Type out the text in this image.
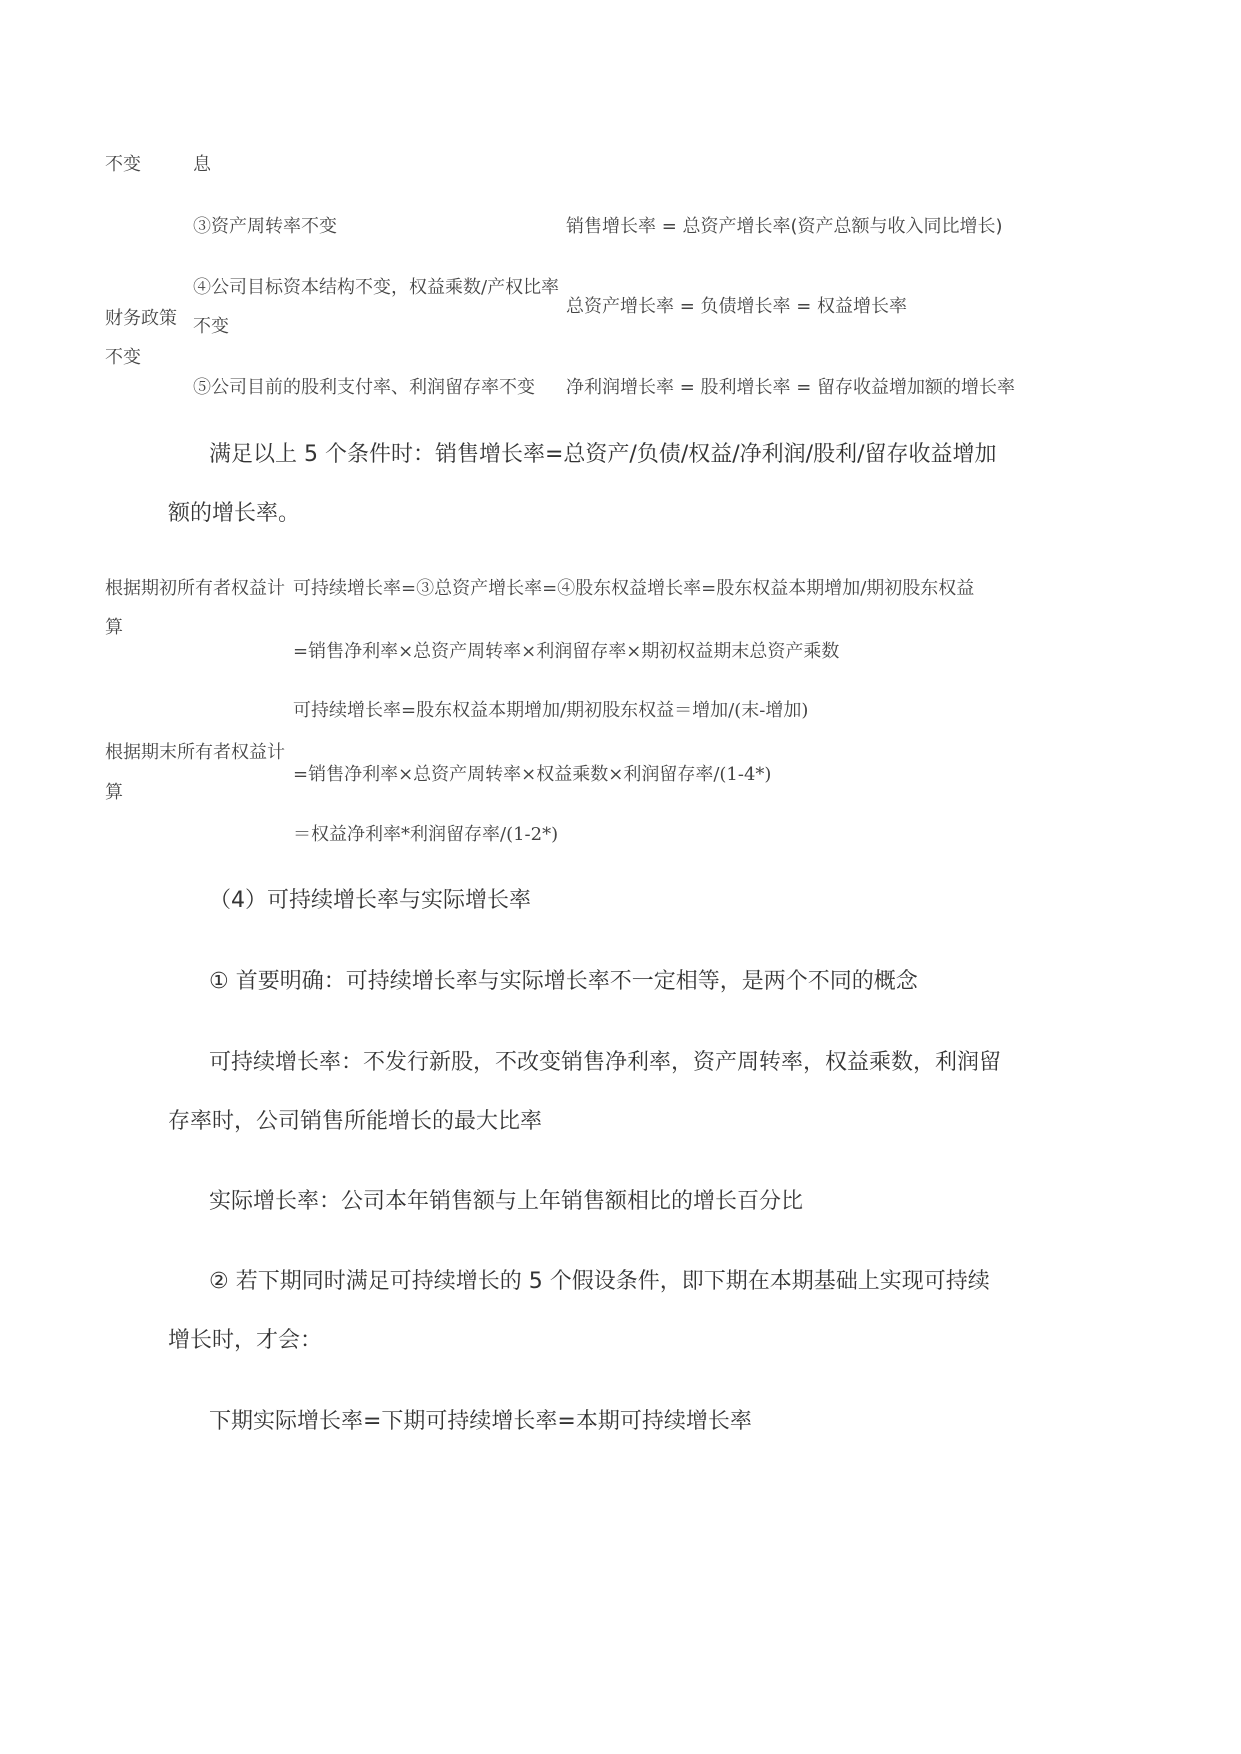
不变	息
③资产周转率不变	销售增长率 = 总资产增长率(资产总额与收入同比增长)
财务政策
不变
④公司目标资本结构不变，权益乘数/产权比率
不变
总资产增长率 = 负债增长率 = 权益增长率
⑤公司目前的股利支付率、利润留存率不变 净利润增长率 = 股利增长率 = 留存收益增加额的增长率
满足以上 5 个条件时：销售增长率=总资产/负债/权益/净利润/股利/留存收益增加
额的增长率。
根据期初所有者权益计
算
可持续增长率=③总资产增长率=④股东权益增长率=股东权益本期增加/期初股东权益
=销售净利率×总资产周转率×利润留存率×期初权益期末总资产乘数
根据期末所有者权益计
算
可持续增长率=股东权益本期增加/期初股东权益＝增加/(末-增加)
=销售净利率×总资产周转率×权益乘数×利润留存率/(1-4*)
＝权益净利率*利润留存率/(1-2*)
（4）可持续增长率与实际增长率
① 首要明确：可持续增长率与实际增长率不一定相等，是两个不同的概念
可持续增长率：不发行新股，不改变销售净利率，资产周转率，权益乘数，利润留
存率时，公司销售所能增长的最大比率
实际增长率：公司本年销售额与上年销售额相比的增长百分比
② 若下期同时满足可持续增长的 5 个假设条件，即下期在本期基础上实现可持续
增长时，才会：
下期实际增长率=下期可持续增长率=本期可持续增长率
